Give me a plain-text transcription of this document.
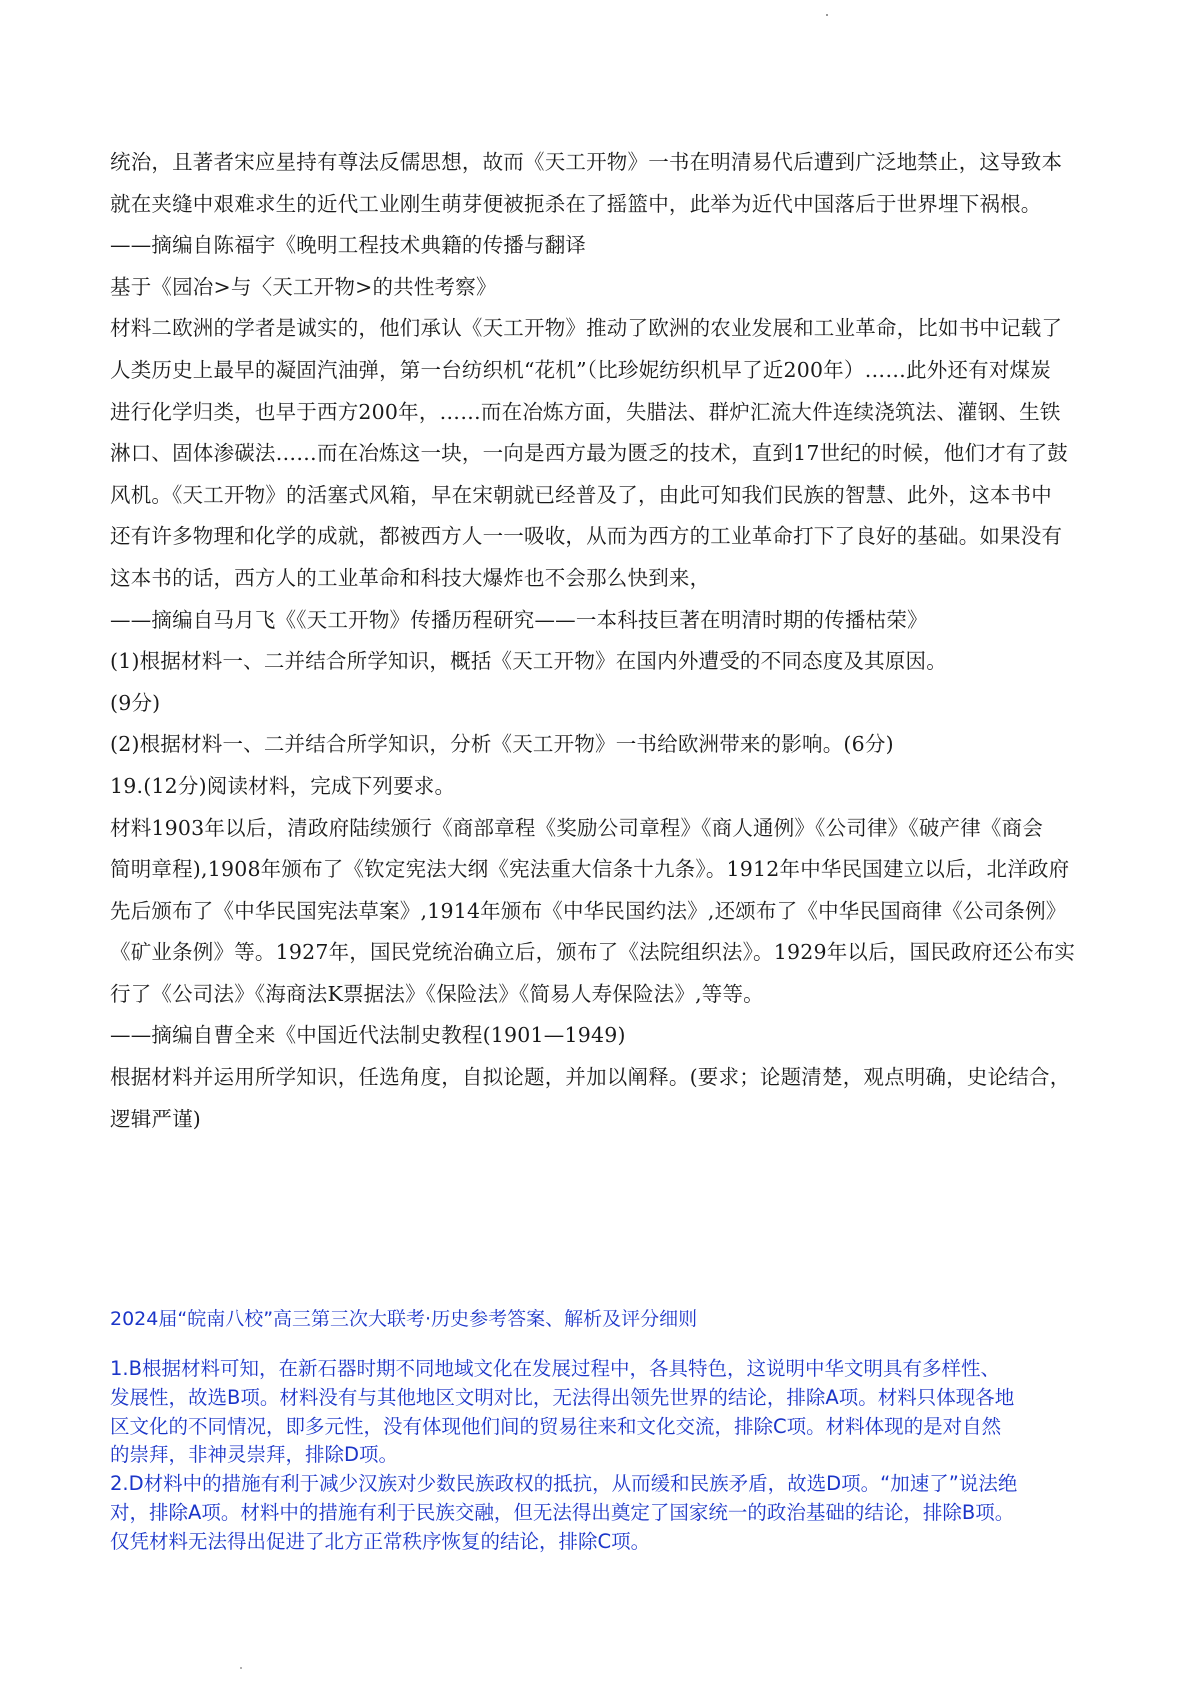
统治，且著者宋应星持有尊法反儒思想，故而《天工开物》一书在明清易代后遭到广泛地禁止，这导致本
就在夹缝中艰难求生的近代工业刚生萌芽便被扼杀在了摇篮中，此举为近代中国落后于世界埋下祸根。
——摘编自陈福宇《晚明工程技术典籍的传播与翻译
基于《园冶>与〈天工开物>的共性考察》
材料二欧洲的学者是诚实的，他们承认《天工开物》推动了欧洲的农业发展和工业革命，比如书中记载了
人类历史上最早的凝固汽油弹，第一台纺织机“花机”（比珍妮纺织机早了近200年）……此外还有对煤炭
进行化学归类，也早于西方200年，……而在冶炼方面，失腊法、群炉汇流大件连续浇筑法、灌钢、生铁
淋口、固体渗碳法……而在冶炼这一块，一向是西方最为匮乏的技术，直到17世纪的时候，他们才有了鼓
风机。《天工开物》的活塞式风箱，早在宋朝就已经普及了，由此可知我们民族的智慧、此外，这本书中
还有许多物理和化学的成就，都被西方人一一吸收，从而为西方的工业革命打下了良好的基础。如果没有
这本书的话，西方人的工业革命和科技大爆炸也不会那么快到来，
——摘编自马月飞《《天工开物》传播历程研究——一本科技巨著在明清时期的传播枯荣》
(1)根据材料一、二并结合所学知识，概括《天工开物》在国内外遭受的不同态度及其原因。
(9分)
(2)根据材料一、二并结合所学知识，分析《天工开物》一书给欧洲带来的影响。(6分)
19.(12分)阅读材料，完成下列要求。
材料1903年以后，清政府陆续颁行《商部章程《奖励公司章程》《商人通例》《公司律》《破产律《商会
简明章程),1908年颁布了《钦定宪法大纲《宪法重大信条十九条》。1912年中华民国建立以后，北洋政府
先后颁布了《中华民国宪法草案》,1914年颁布《中华民国约法》,还颂布了《中华民国商律《公司条例》
《矿业条例》等。1927年，国民党统治确立后，颁布了《法院组织法》。1929年以后，国民政府还公布实
行了《公司法》《海商法K票据法》《保险法》《简易人寿保险法》,等等。
——摘编自曹全来《中国近代法制史教程(1901—1949)
根据材料并运用所学知识，任选角度，自拟论题，并加以阐释。(要求；论题清楚，观点明确，史论结合，
逻辑严谨)
2024届“皖南八校”高三第三次大联考·历史参考答案、解析及评分细则
1.B根据材料可知，在新石器时期不同地域文化在发展过程中，各具特色，这说明中华文明具有多样性、
发展性，故选B项。材料没有与其他地区文明对比，无法得出领先世界的结论，排除A项。材料只体现各地
区文化的不同情况，即多元性，没有体现他们间的贸易往来和文化交流，排除C项。材料体现的是对自然
的崇拜，非神灵崇拜，排除D项。
2.D材料中的措施有利于减少汉族对少数民族政权的抵抗，从而缓和民族矛盾，故选D项。“加速了”说法绝
对，排除A项。材料中的措施有利于民族交融，但无法得出奠定了国家统一的政治基础的结论，排除B项。
仅凭材料无法得出促进了北方正常秩序恢复的结论，排除C项。
